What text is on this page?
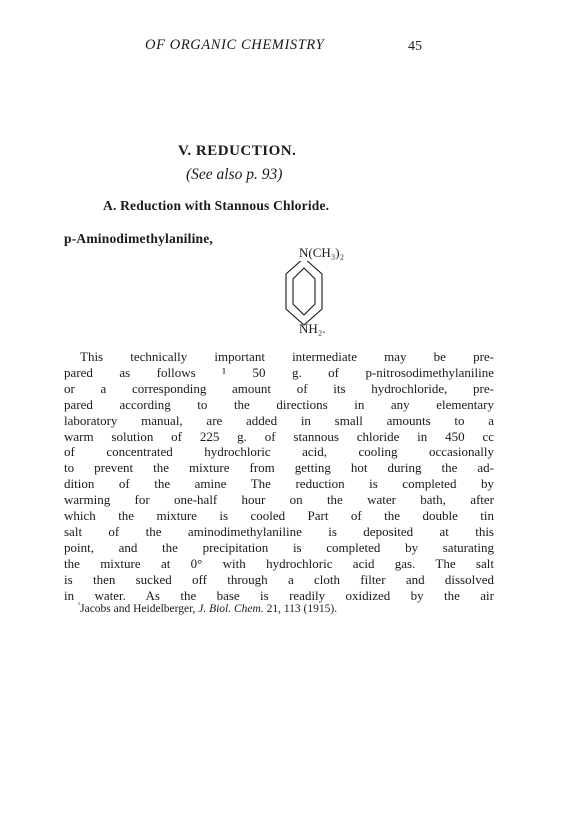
OF ORGANIC CHEMISTRY	45
V. REDUCTION.
(See also p. 93)
A. Reduction with Stannous Chloride.
p-Aminodimethylaniline,
N(CH₃)₂
NH₂.
This technically important intermediate may be pre-
pared as follows ¹ 50 g. of p-nitrosodimethylaniline
or a corresponding amount of its hydrochloride, pre-
pared according to the directions in any elementary
laboratory manual, are added in small amounts to a
warm solution of 225 g. of stannous chloride in 450 cc
of concentrated hydrochloric acid, cooling occasionally
to prevent the mixture from getting hot during the ad-
dition of the amine The reduction is completed by
warming for one-half hour on the water bath, after
which the mixture is cooled Part of the double tin
salt of the aminodimethylaniline is deposited at this
point, and the precipitation is completed by saturating
the mixture at 0° with hydrochloric acid gas. The salt
is then sucked off through a cloth filter and dissolved
in water. As the base is readily oxidized by the air
$^{^1}$Jacobs and Heidelberger, J. Biol. Chem. 21, 113 (1915).
